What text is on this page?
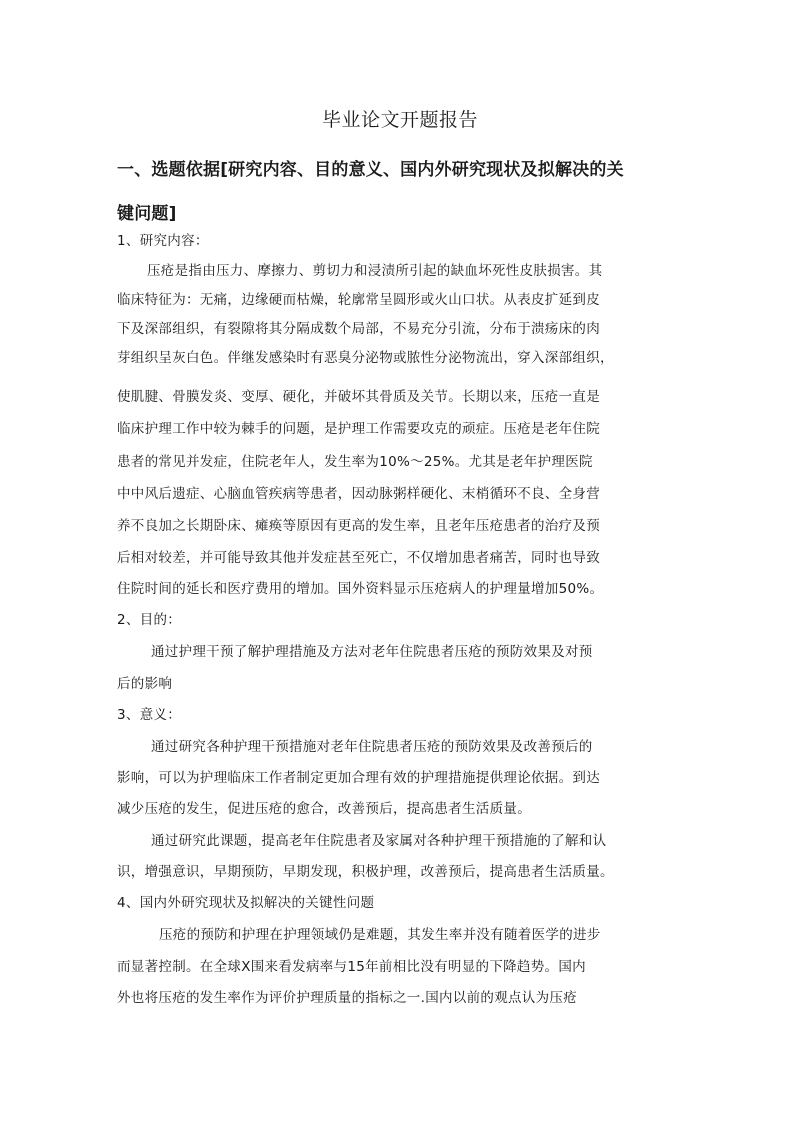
毕业论文开题报告
一、选题依据[研究内容、目的意义、国内外研究现状及拟解决的关键问题]
1、研究内容：
压疮是指由压力、摩擦力、剪切力和浸渍所引起的缺血坏死性皮肤损害。其
临床特征为：无痛，边缘硬而枯燥，轮廓常呈圆形或火山口状。从表皮扩延到皮
下及深部组织，有裂隙将其分隔成数个局部，不易充分引流，分布于溃疡床的肉
芽组织呈灰白色。伴继发感染时有恶臭分泌物或脓性分泌物流出，穿入深部组织，
使肌腱、骨膜发炎、变厚、硬化，并破坏其骨质及关节。长期以来，压疮一直是
临床护理工作中较为棘手的问题，是护理工作需要攻克的顽症。压疮是老年住院
患者的常见并发症，住院老年人，发生率为10%～25%。尤其是老年护理医院
中中风后遗症、心脑血管疾病等患者，因动脉粥样硬化、末梢循环不良、全身营
养不良加之长期卧床、瘫痪等原因有更高的发生率，且老年压疮患者的治疗及预
后相对较差，并可能导致其他并发症甚至死亡，不仅增加患者痛苦，同时也导致
住院时间的延长和医疗费用的增加。国外资料显示压疮病人的护理量增加50%。
2、目的：
通过护理干预了解护理措施及方法对老年住院患者压疮的预防效果及对预
后的影响
3、意义：
通过研究各种护理干预措施对老年住院患者压疮的预防效果及改善预后的
影响，可以为护理临床工作者制定更加合理有效的护理措施提供理论依据。到达
减少压疮的发生，促进压疮的愈合，改善预后，提高患者生活质量。
通过研究此课题，提高老年住院患者及家属对各种护理干预措施的了解和认
识，增强意识，早期预防，早期发现，积极护理，改善预后，提高患者生活质量。
4、国内外研究现状及拟解决的关键性问题
压疮的预防和护理在护理领域仍是难题，其发生率并没有随着医学的进步
而显著控制。在全球X围来看发病率与15年前相比没有明显的下降趋势。国内
外也将压疮的发生率作为评价护理质量的指标之一.国内以前的观点认为压疮
